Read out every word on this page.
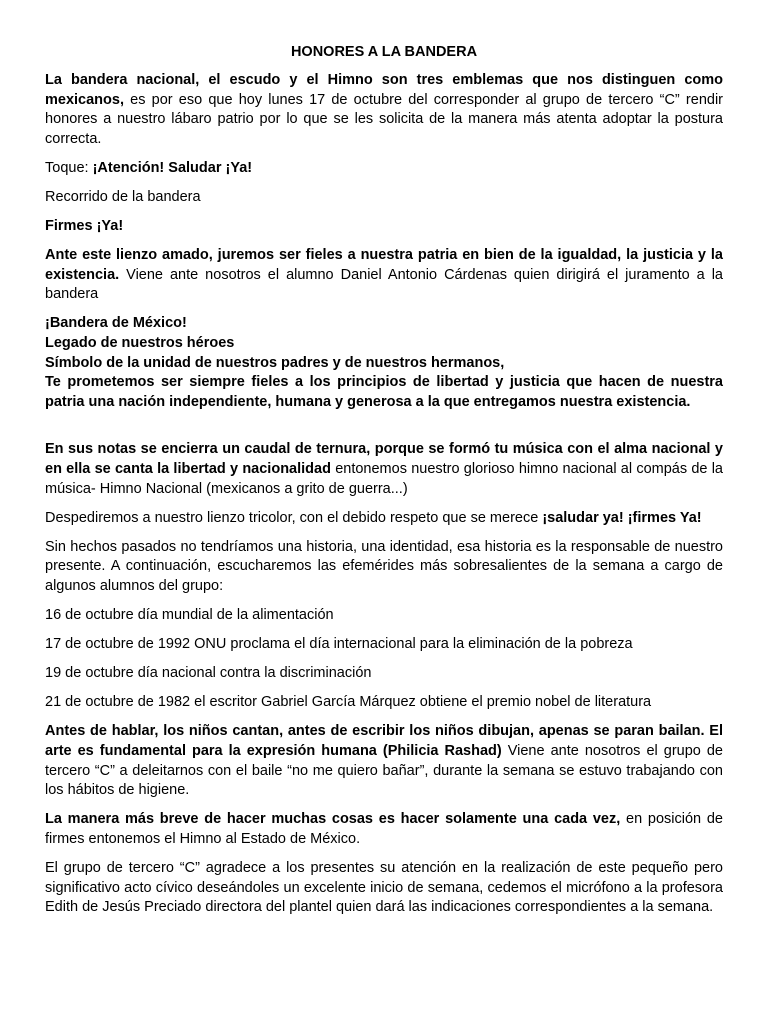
HONORES A LA BANDERA

La bandera nacional, el escudo y el Himno son tres emblemas que nos distinguen como mexicanos, es por eso que hoy lunes 17 de octubre del corresponder al grupo de tercero “C” rendir honores a nuestro lábaro patrio por lo que se les solicita de la manera más atenta adoptar la postura correcta.

Toque: ¡Atención! Saludar ¡Ya!

Recorrido de la bandera

Firmes ¡Ya!

Ante este lienzo amado, juremos ser fieles a nuestra patria en bien de la igualdad, la justicia y la existencia. Viene ante nosotros el alumno Daniel Antonio Cárdenas quien dirigirá el juramento a la bandera

¡Bandera de México!

Legado de nuestros héroes

Símbolo de la unidad de nuestros padres y de nuestros hermanos,

Te prometemos ser siempre fieles a los principios de libertad y justicia que hacen de nuestra patria una nación independiente, humana y generosa a la que entregamos nuestra existencia.

En sus notas se encierra un caudal de ternura, porque se formó tu música con el alma nacional y en ella se canta la libertad y nacionalidad entonemos nuestro glorioso himno nacional al compás de la música- Himno Nacional (mexicanos a grito de guerra...)

Despediremos a nuestro lienzo tricolor, con el debido respeto que se merece ¡saludar ya! ¡firmes Ya!

Sin hechos pasados no tendríamos una historia, una identidad, esa historia es la responsable de nuestro presente. A continuación, escucharemos las efemérides más sobresalientes de la semana a cargo de algunos alumnos del grupo:

16 de octubre día mundial de la alimentación

17 de octubre de 1992 ONU proclama el día internacional para la eliminación de la pobreza

19 de octubre día nacional contra la discriminación

21 de octubre de 1982 el escritor Gabriel García Márquez obtiene el premio nobel de literatura

Antes de hablar, los niños cantan, antes de escribir los niños dibujan, apenas se paran bailan. El arte es fundamental para la expresión humana (Philicia Rashad) Viene ante nosotros el grupo de tercero “C” a deleitarnos con el baile “no me quiero bañar”, durante la semana se estuvo trabajando con los hábitos de higiene.

La manera más breve de hacer muchas cosas es hacer solamente una cada vez, en posición de firmes entonemos el Himno al Estado de México.

El grupo de tercero “C” agradece a los presentes su atención en la realización de este pequeño pero significativo acto cívico deseándoles un excelente inicio de semana, cedemos el micrófono a la profesora Edith de Jesús Preciado directora del plantel quien dará las indicaciones correspondientes a la semana.
